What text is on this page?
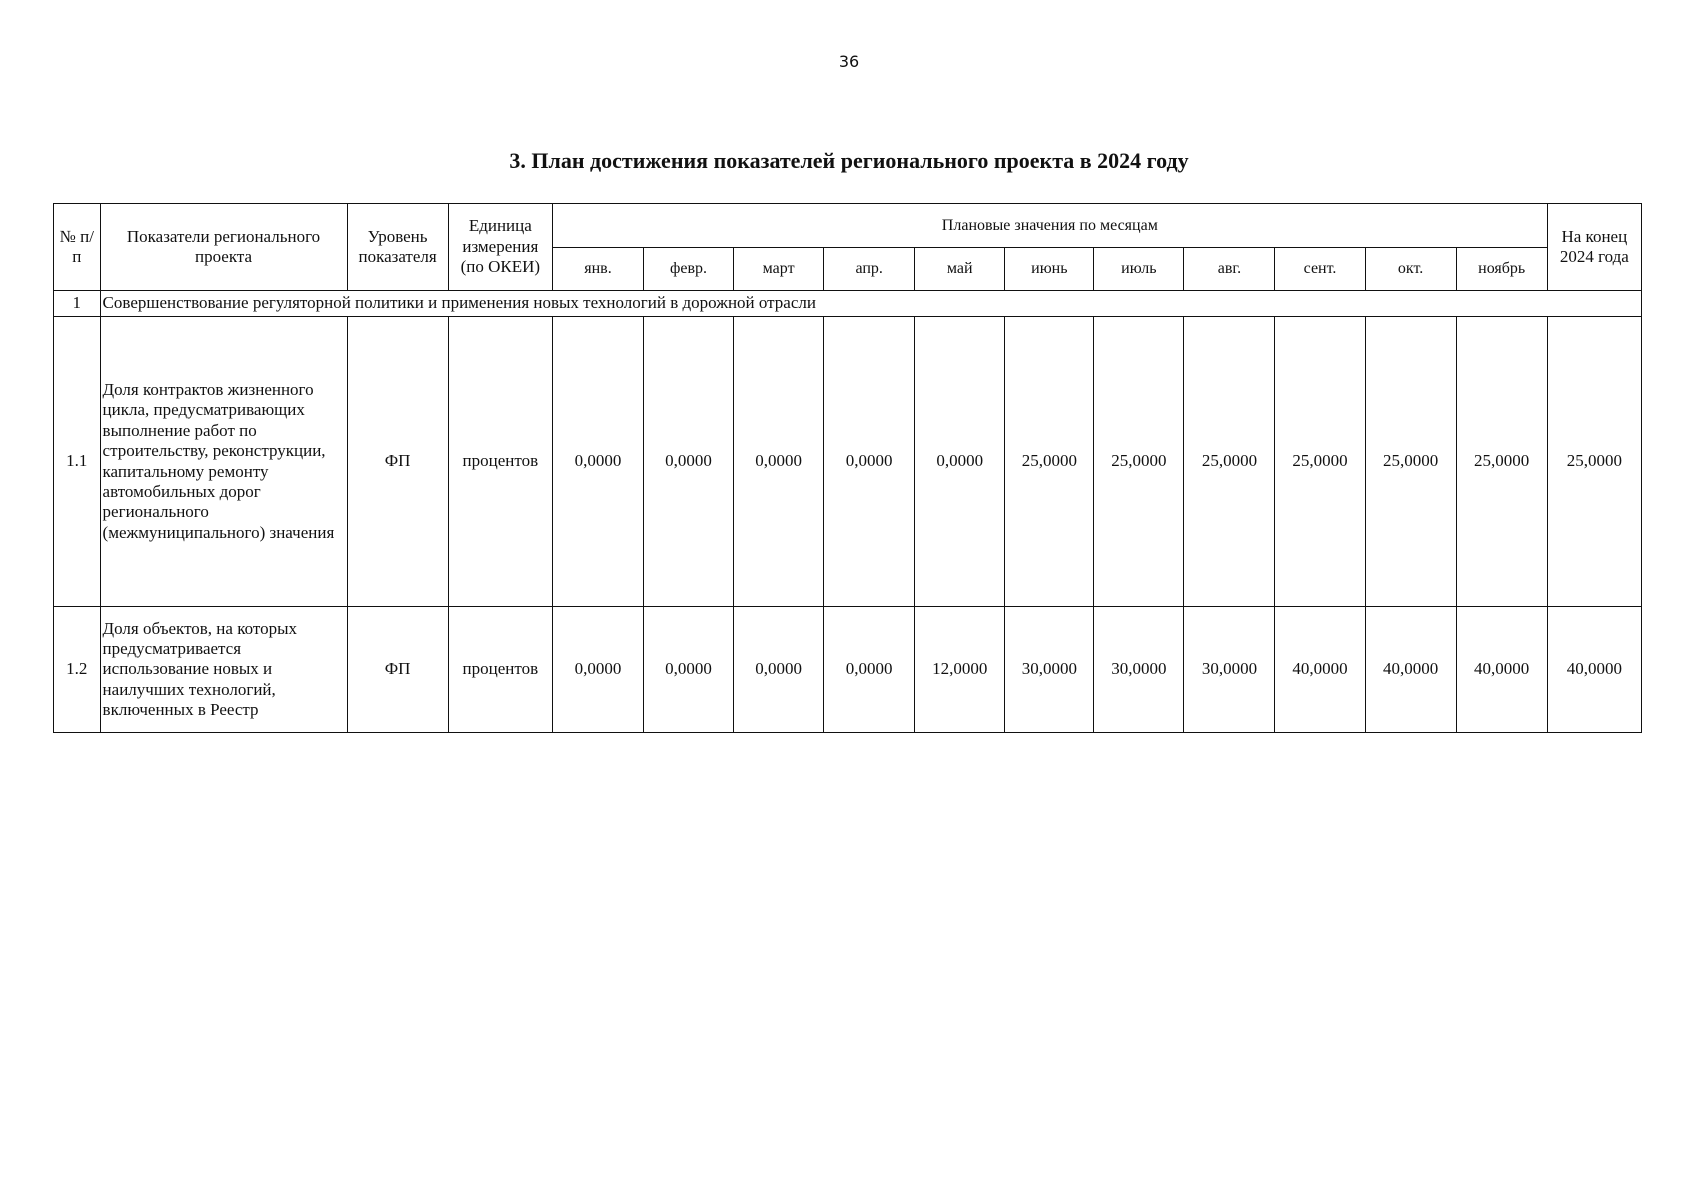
36
3. План достижения показателей регионального проекта в 2024 году
№ п/п	Показатели регионального проекта	Уровень показателя	Единица измерения (по ОКЕИ)	Плановые значения по месяцам											На конец 2024 года
				янв.	февр.	март	апр.	май	июнь	июль	авг.	сент.	окт.	ноябрь	
1	Совершенствование регуляторной политики и применения новых технологий в дорожной отрасли														
1.1	Доля контрактов жизненного цикла, предусматривающих выполнение работ по строительству, реконструкции, капитальному ремонту автомобильных дорог регионального (межмуниципального) значения	ФП	процентов	0,0000	0,0000	0,0000	0,0000	0,0000	25,0000	25,0000	25,0000	25,0000	25,0000	25,0000	25,0000
1.2	Доля объектов, на которых предусматривается использование новых и наилучших технологий, включенных в Реестр	ФП	процентов	0,0000	0,0000	0,0000	0,0000	12,0000	30,0000	30,0000	30,0000	40,0000	40,0000	40,0000	40,0000
